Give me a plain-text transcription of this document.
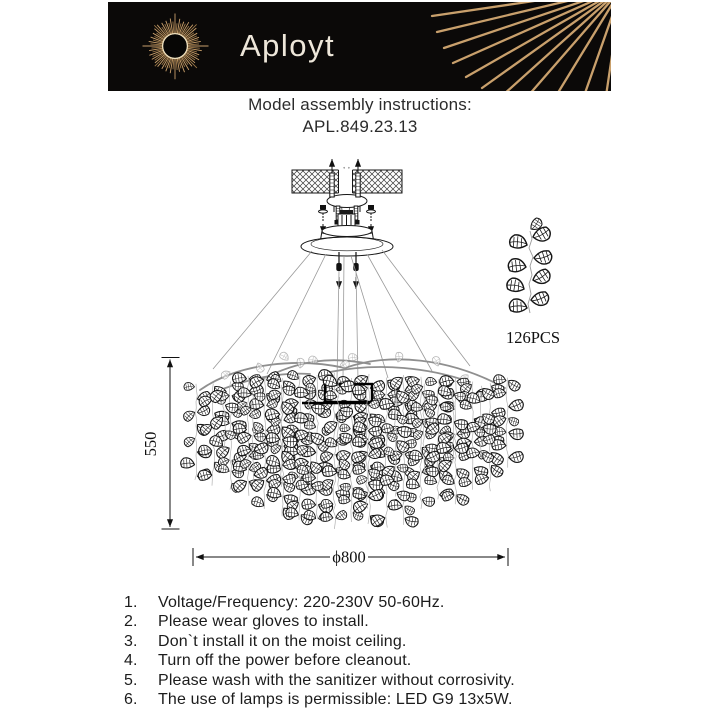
Aployt
Model assembly instructions:
APL.849.23.13
550
ϕ800
126PCS
1.	Voltage/Frequency: 220-230V 50-60Hz.
2.	Please wear gloves to install.
3.	Don`t install it on the moist ceiling.
4.	Turn off the power before cleanout.
5.	Please wash with the sanitizer without corrosivity.
6.	The use of lamps is permissible: LED G9 13x5W.
